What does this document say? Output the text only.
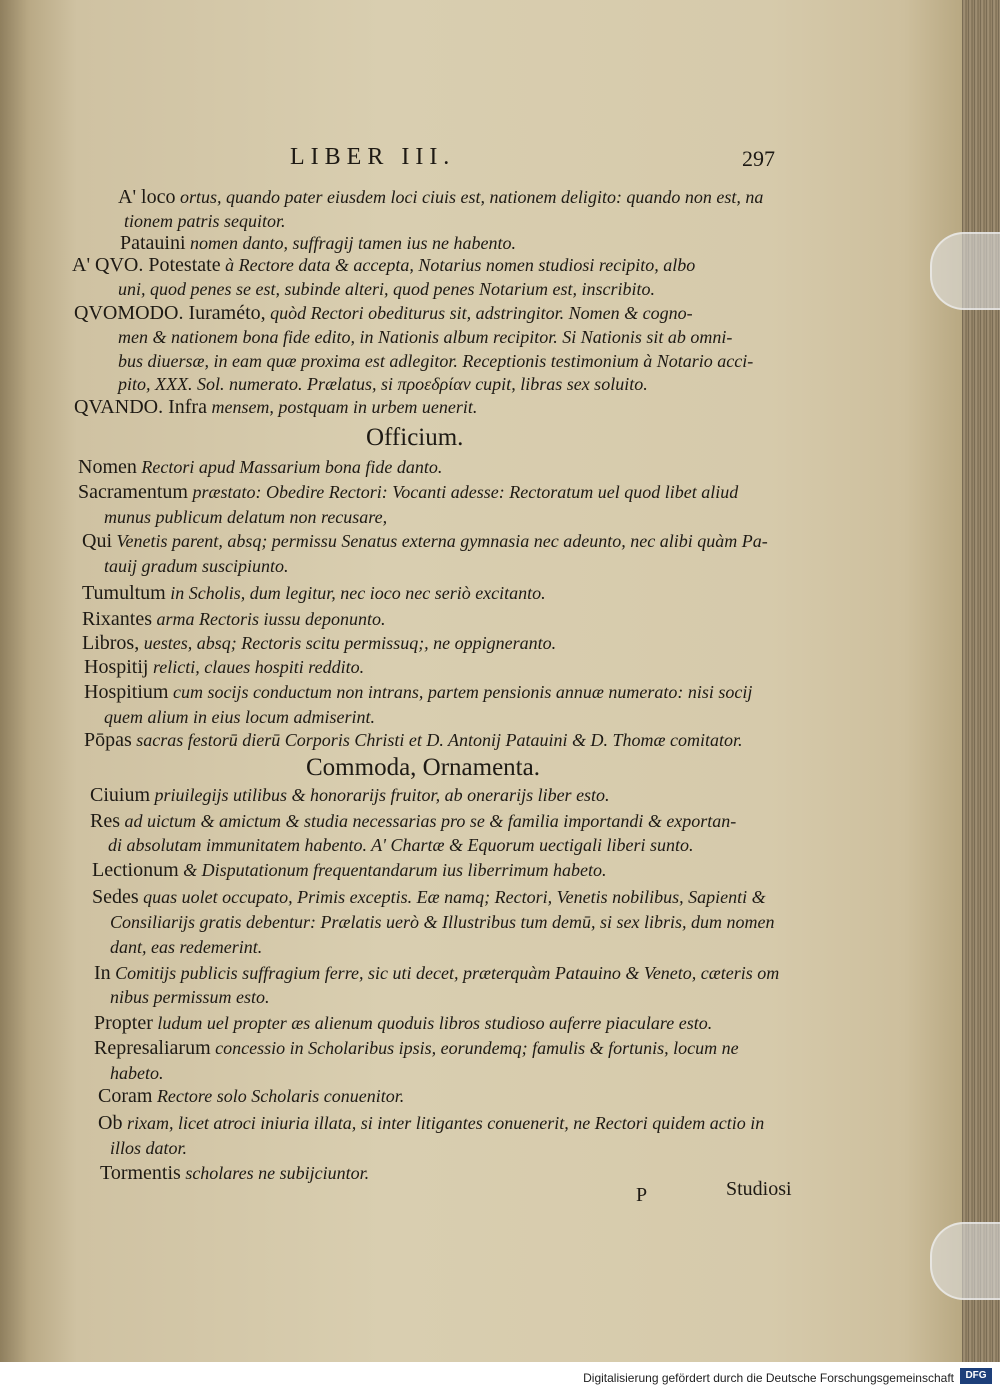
LIBER III.	297
A' loco ortus, quando pater eiusdem loci ciuis est, nationem deligito: quando non est, na
tionem patris sequitor.
Patauini nomen danto, suffragij tamen ius ne habento.
A' QVO. Potestate à Rectore data & accepta, Notarius nomen studiosi recipito, albo
uni, quod penes se est, subinde alteri, quod penes Notarium est, inscribito.
QVOMODO. Iuraméto, quòd Rectori obediturus sit, adstringitor. Nomen & cogno-
men & nationem bona fide edito, in Nationis album recipitor. Si Nationis sit ab omni-
bus diuersæ, in eam quæ proxima est adlegitor. Receptionis testimonium à Notario acci-
pito, XXX. Sol. numerato. Prælatus, si προεδρίαν cupit, libras sex soluito.
QVANDO. Infra mensem, postquam in urbem uenerit.
Officium.
Nomen Rectori apud Massarium bona fide danto.
Sacramentum præstato: Obedire Rectori: Vocanti adesse: Rectoratum uel quod libet aliud
munus publicum delatum non recusare,
Qui Venetis parent, absq; permissu Senatus externa gymnasia nec adeunto, nec alibi quàm Pa-
tauij gradum suscipiunto.
Tumultum in Scholis, dum legitur, nec ioco nec seriò excitanto.
Rixantes arma Rectoris iussu deponunto.
Libros, uestes, absq; Rectoris scitu permissuq;, ne oppigneranto.
Hospitij relicti, claues hospiti reddito.
Hospitium cum socijs conductum non intrans, partem pensionis annuæ numerato: nisi socij
quem alium in eius locum admiserint.
Pōpas sacras festorū dierū Corporis Christi et D. Antonij Patauini & D. Thomæ comitator.
Commoda, Ornamenta.
Ciuium priuilegijs utilibus & honorarijs fruitor, ab onerarijs liber esto.
Res ad uictum & amictum & studia necessarias pro se & familia importandi & exportan-
di absolutam immunitatem habento. A' Chartæ & Equorum uectigali liberi sunto.
Lectionum & Disputationum frequentandarum ius liberrimum habeto.
Sedes quas uolet occupato, Primis exceptis. Eæ namq; Rectori, Venetis nobilibus, Sapienti &
Consiliarijs gratis debentur: Prælatis uerò & Illustribus tum demū, si sex libris, dum nomen
dant, eas redemerint.
In Comitijs publicis suffragium ferre, sic uti decet, præterquàm Patauino & Veneto, cæteris om
nibus permissum esto.
Propter ludum uel propter æs alienum quoduis libros studioso auferre piaculare esto.
Represaliarum concessio in Scholaribus ipsis, eorundemq; famulis & fortunis, locum ne
habeto.
Coram Rectore solo Scholaris conuenitor.
Ob rixam, licet atroci iniuria illata, si inter litigantes conuenerit, ne Rectori quidem actio in
illos dator.
Tormentis scholares ne subijciuntor.
P	Studiosi
Digitalisierung gefördert durch die Deutsche Forschungsgemeinschaft	DFG
